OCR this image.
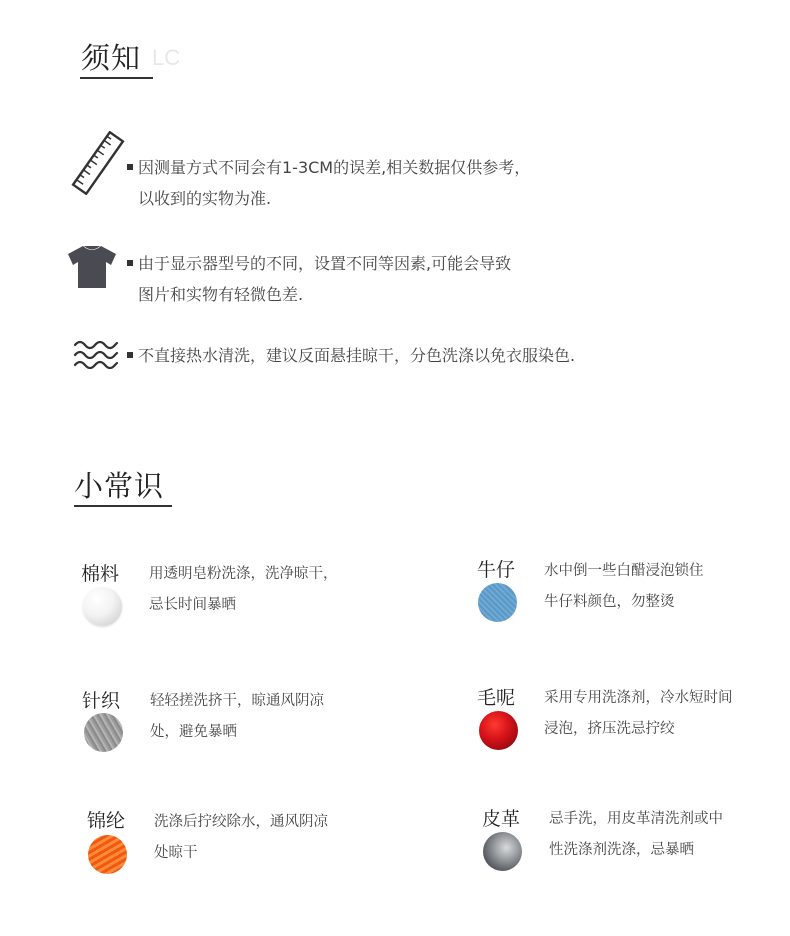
须知 LC
因测量方式不同会有1-3CM的误差,相关数据仅供参考，
以收到的实物为准.
由于显示器型号的不同，设置不同等因素,可能会导致
图片和实物有轻微色差.
不直接热水清洗，建议反面悬挂晾干，分色洗涤以免衣服染色.
小常识
棉料 用透明皂粉洗涤，洗净晾干，
忌长时间暴晒
牛仔 水中倒一些白醋浸泡锁住
牛仔料颜色，勿整烫
针织 轻轻搓洗挤干，晾通风阴凉
处，避免暴晒
毛呢 采用专用洗涤剂，冷水短时间
浸泡，挤压洗忌拧绞
锦纶 洗涤后拧绞除水，通风阴凉
处晾干
皮革 忌手洗，用皮革清洗剂或中
性洗涤剂洗涤，忌暴晒
